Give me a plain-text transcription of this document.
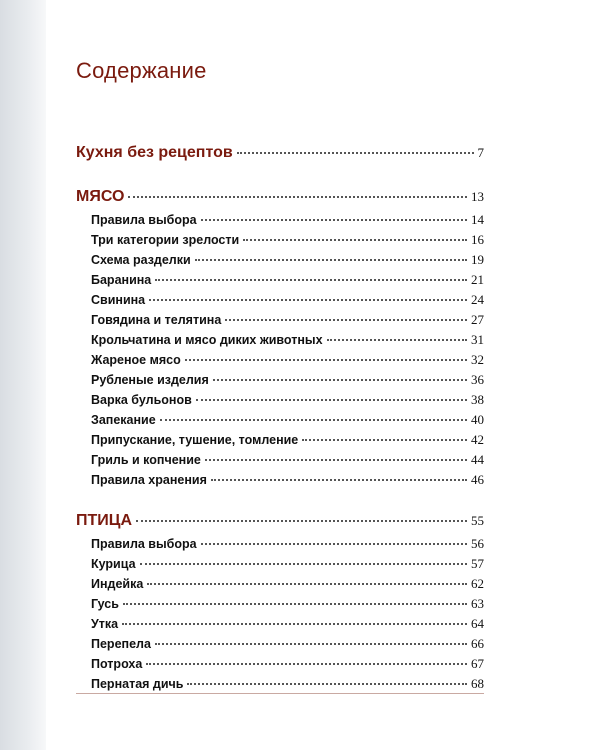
Содержание
Кухня без рецептов	7
МЯСО	13
Правила выбора	14
Три категории зрелости	16
Схема разделки	19
Баранина	21
Свинина	24
Говядина и телятина	27
Крольчатина и мясо диких животных	31
Жареное мясо	32
Рубленые изделия	36
Варка бульонов	38
Запекание	40
Припускание, тушение, томление	42
Гриль и копчение	44
Правила хранения	46
ПТИЦА	55
Правила выбора	56
Курица	57
Индейка	62
Гусь	63
Утка	64
Перепела	66
Потроха	67
Пернатая дичь	68
